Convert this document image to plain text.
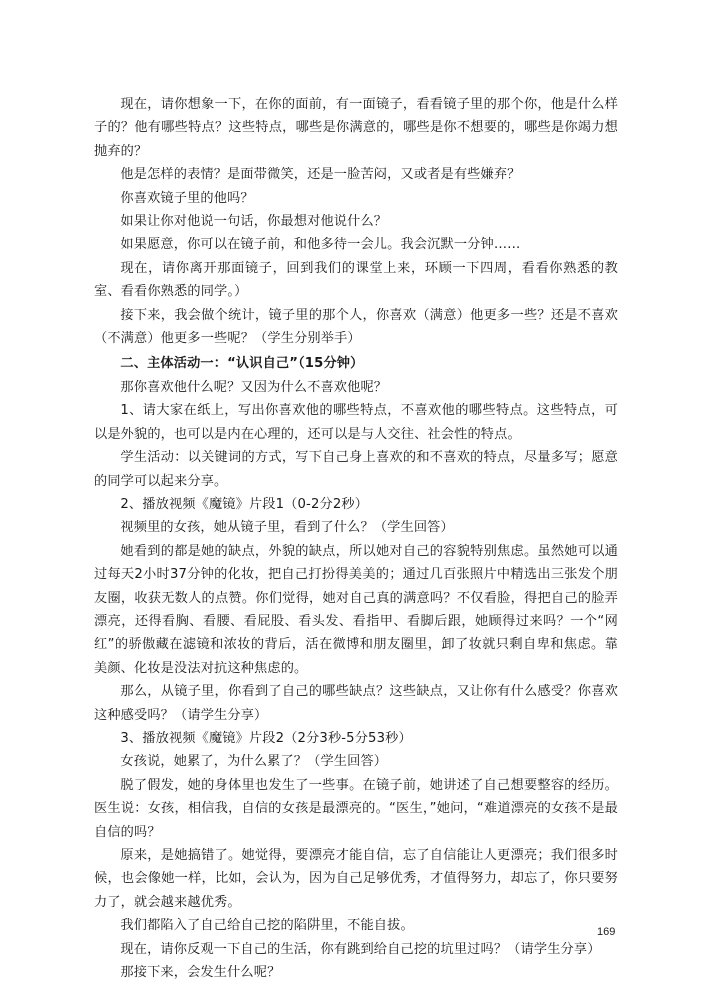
现在，请你想象一下，在你的面前，有一面镜子，看看镜子里的那个你，他是什么样子的？他有哪些特点？这些特点，哪些是你满意的，哪些是你不想要的，哪些是你竭力想抛弃的？

他是怎样的表情？是面带微笑，还是一脸苦闷，又或者是有些嫌弃？

你喜欢镜子里的他吗？

如果让你对他说一句话，你最想对他说什么？

如果愿意，你可以在镜子前，和他多待一会儿。我会沉默一分钟……

现在，请你离开那面镜子，回到我们的课堂上来，环顾一下四周，看看你熟悉的教室、看看你熟悉的同学。）

接下来，我会做个统计，镜子里的那个人，你喜欢（满意）他更多一些？还是不喜欢（不满意）他更多一些呢？（学生分别举手）

二、主体活动一：“认识自己”（15分钟）

那你喜欢他什么呢？又因为什么不喜欢他呢？

1、请大家在纸上，写出你喜欢他的哪些特点，不喜欢他的哪些特点。这些特点，可以是外貌的，也可以是内在心理的，还可以是与人交往、社会性的特点。

学生活动：以关键词的方式，写下自己身上喜欢的和不喜欢的特点，尽量多写；愿意的同学可以起来分享。

2、播放视频《魔镜》片段1（0-2分2秒）

视频里的女孩，她从镜子里，看到了什么？（学生回答）

她看到的都是她的缺点，外貌的缺点，所以她对自己的容貌特别焦虑。虽然她可以通过每天2小时37分钟的化妆，把自己打扮得美美的；通过几百张照片中精选出三张发个朋友圈，收获无数人的点赞。你们觉得，她对自己真的满意吗？不仅看脸，得把自己的脸弄漂亮，还得看胸、看腰、看屁股、看头发、看指甲、看脚后跟，她顾得过来吗？一个“网红”的骄傲藏在滤镜和浓妆的背后，活在微博和朋友圈里，卸了妆就只剩自卑和焦虑。靠美颜、化妆是没法对抗这种焦虑的。

那么，从镜子里，你看到了自己的哪些缺点？这些缺点，又让你有什么感受？你喜欢这种感受吗？（请学生分享）

3、播放视频《魔镜》片段2（2分3秒-5分53秒）

女孩说，她累了，为什么累了？（学生回答）

脱了假发，她的身体里也发生了一些事。在镜子前，她讲述了自己想要整容的经历。医生说：女孩，相信我，自信的女孩是最漂亮的。“医生，”她问，“难道漂亮的女孩不是最自信的吗？

原来，是她搞错了。她觉得，要漂亮才能自信，忘了自信能让人更漂亮；我们很多时候，也会像她一样，比如，会认为，因为自己足够优秀，才值得努力，却忘了，你只要努力了，就会越来越优秀。

我们都陷入了自己给自己挖的陷阱里，不能自拔。

现在，请你反观一下自己的生活，你有跳到给自己挖的坑里过吗？（请学生分享）

那接下来，会发生什么呢？

169
